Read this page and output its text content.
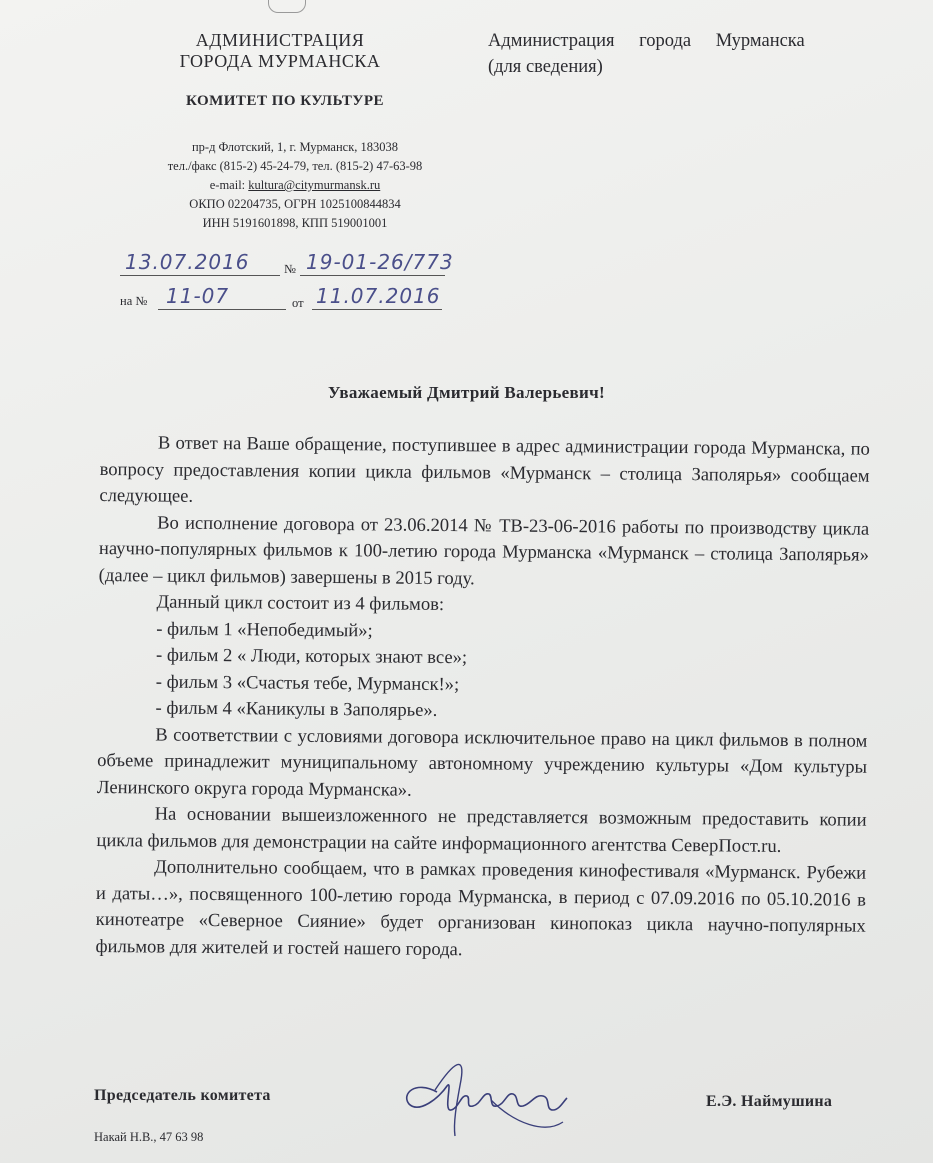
АДМИНИСТРАЦИЯ
ГОРОДА МУРМАНСКА
КОМИТЕТ ПО КУЛЬТУРЕ
пр-д Флотский, 1, г. Мурманск, 183038
тел./факс (815-2) 45-24-79, тел. (815-2) 47-63-98
e-mail: kultura@citymurmansk.ru
ОКПО 02204735, ОГРН 1025100844834
ИНН 5191601898, КПП 519001001
Администрация города Мурманска
(для сведения)
13.07.2016	№ 19-01-26/773
на № 11-07	от 11.07.2016
Уважаемый Дмитрий Валерьевич!

В ответ на Ваше обращение, поступившее в адрес администрации города Мурманска, по вопросу предоставления копии цикла фильмов «Мурманск – столица Заполярья» сообщаем следующее.

Во исполнение договора от 23.06.2014 № ТВ-23-06-2016 работы по производству цикла научно-популярных фильмов к 100-летию города Мурманска «Мурманск – столица Заполярья» (далее – цикл фильмов) завершены в 2015 году.

Данный цикл состоит из 4 фильмов:

- фильм 1 «Непобедимый»;

- фильм 2 « Люди, которых знают все»;

- фильм 3 «Счастья тебе, Мурманск!»;

- фильм 4 «Каникулы в Заполярье».

В соответствии с условиями договора исключительное право на цикл фильмов в полном объеме принадлежит муниципальному автономному учреждению культуры «Дом культуры Ленинского округа города Мурманска».

На основании вышеизложенного не представляется возможным предоставить копии цикла фильмов для демонстрации на сайте информационного агентства СеверПост.ru.

Дополнительно сообщаем, что в рамках проведения кинофестиваля «Мурманск. Рубежи и даты…», посвященного 100-летию города Мурманска, в период с 07.09.2016 по 05.10.2016 в кинотеатре «Северное Сияние» будет организован кинопоказ цикла научно-популярных фильмов для жителей и гостей нашего города.

Председатель комитета	Е.Э. Наймушина
Накай Н.В., 47 63 98
